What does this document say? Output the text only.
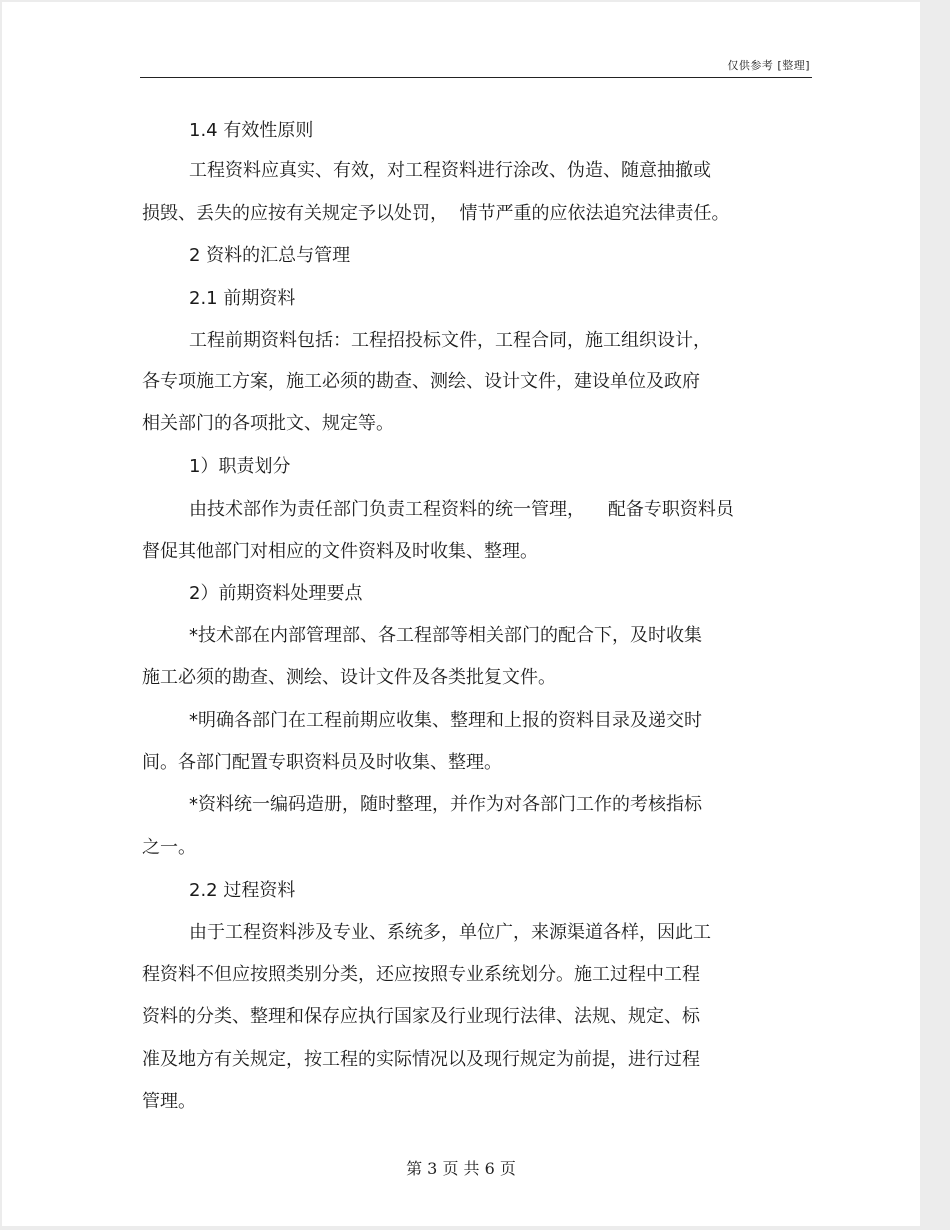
仅供参考 [整理]
1.4 有效性原则
工程资料应真实、有效，对工程资料进行涂改、伪造、随意抽撤或
损毁、丢失的应按有关规定予以处罚，  情节严重的应依法追究法律责任。
2 资料的汇总与管理
2.1 前期资料
工程前期资料包括：工程招投标文件，工程合同，施工组织设计，
各专项施工方案，施工必须的勘查、测绘、设计文件，建设单位及政府
相关部门的各项批文、规定等。
1）职责划分
由技术部作为责任部门负责工程资料的统一管理，    配备专职资料员
督促其他部门对相应的文件资料及时收集、整理。
2）前期资料处理要点
*技术部在内部管理部、各工程部等相关部门的配合下，及时收集
施工必须的勘查、测绘、设计文件及各类批复文件。
*明确各部门在工程前期应收集、整理和上报的资料目录及递交时
间。各部门配置专职资料员及时收集、整理。
*资料统一编码造册，随时整理，并作为对各部门工作的考核指标
之一。
2.2 过程资料
由于工程资料涉及专业、系统多，单位广，来源渠道各样，因此工
程资料不但应按照类别分类，还应按照专业系统划分。施工过程中工程
资料的分类、整理和保存应执行国家及行业现行法律、法规、规定、标
准及地方有关规定，按工程的实际情况以及现行规定为前提，进行过程
管理。
第 3 页 共 6 页
